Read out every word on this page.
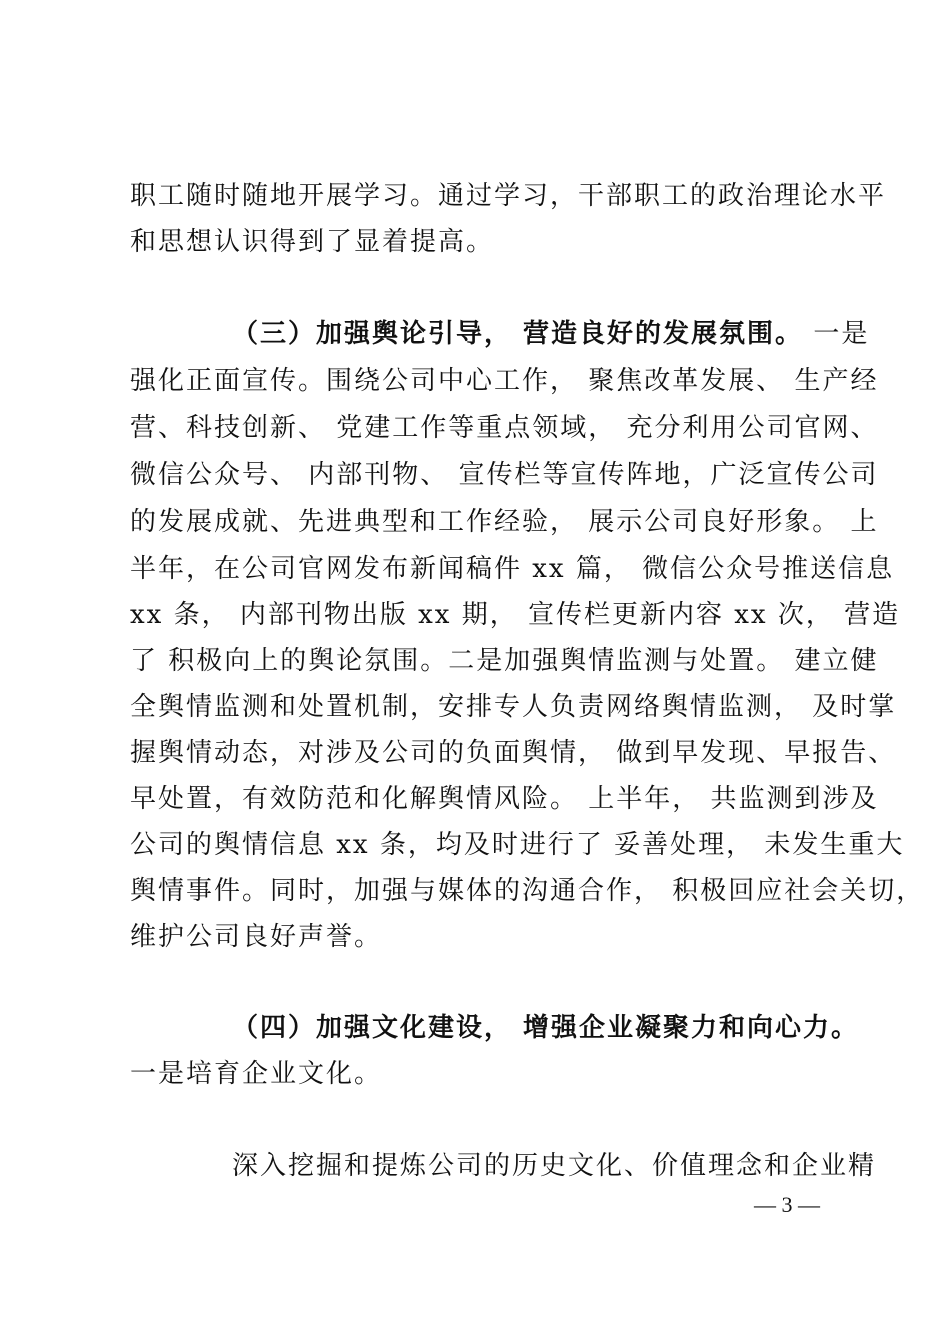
职工随时随地开展学习。通过学习，干部职工的政治理论水平
和思想认识得到了显着提高。
（三）加强舆论引导， 营造良好的发展氛围。 一是
强化正面宣传。围绕公司中心工作， 聚焦改革发展、 生产经
营、科技创新、 党建工作等重点领域， 充分利用公司官网、
微信公众号、 内部刊物、 宣传栏等宣传阵地，广泛宣传公司
的发展成就、先进典型和工作经验， 展示公司良好形象。 上
半年，在公司官网发布新闻稿件 xx 篇， 微信公众号推送信息
xx 条， 内部刊物出版 xx 期， 宣传栏更新内容 xx 次， 营造
了 积极向上的舆论氛围。二是加强舆情监测与处置。 建立健
全舆情监测和处置机制，安排专人负责网络舆情监测， 及时掌
握舆情动态，对涉及公司的负面舆情， 做到早发现、早报告、
早处置，有效防范和化解舆情风险。 上半年， 共监测到涉及
公司的舆情信息 xx 条，均及时进行了 妥善处理， 未发生重大
舆情事件。同时，加强与媒体的沟通合作， 积极回应社会关切，
维护公司良好声誉。
（四）加强文化建设， 增强企业凝聚力和向心力。
一是培育企业文化。
深入挖掘和提炼公司的历史文化、价值理念和企业精
— 3 —
